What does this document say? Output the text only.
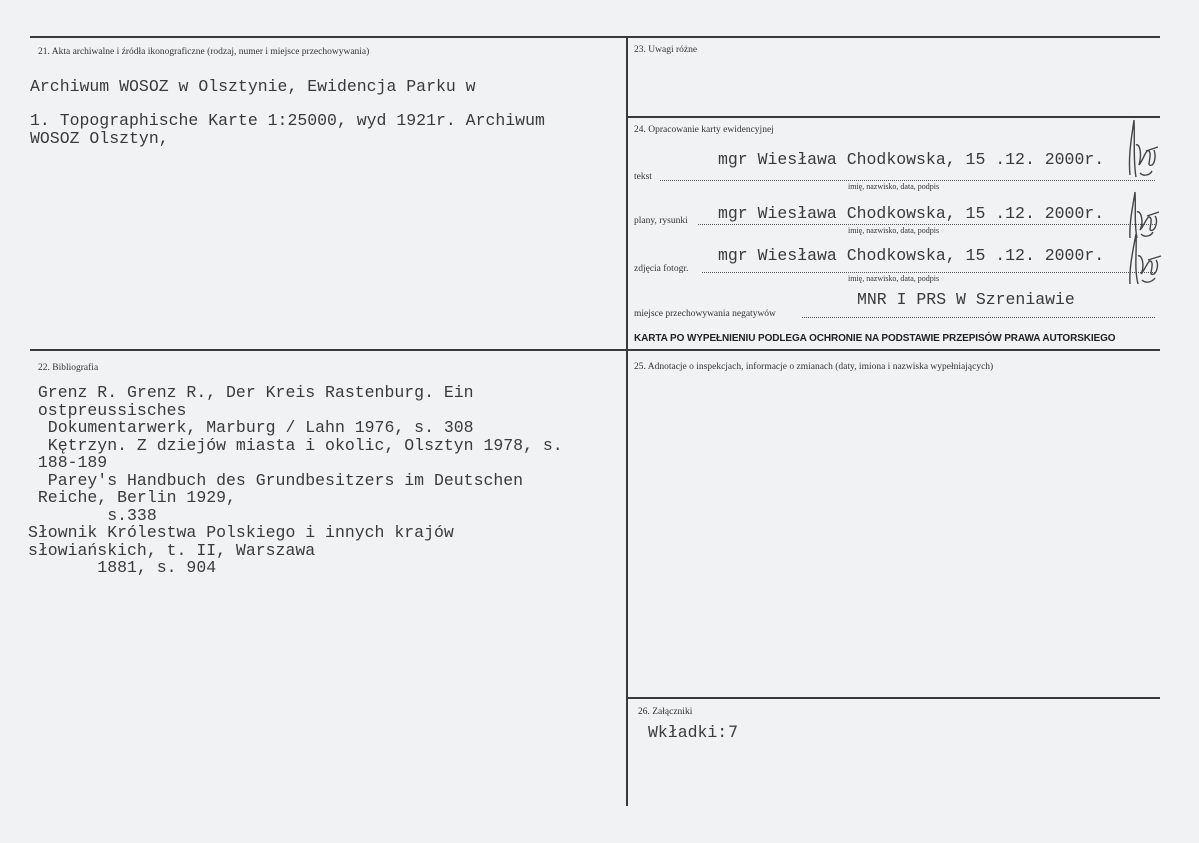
21. Akta archiwalne i źródła ikonograficzne (rodzaj, numer i miejsce przechowywania)
Archiwum WOSOZ w Olsztynie, Ewidencja Parku w
1. Topographische Karte 1:25000, wyd 1921r. Archiwum
WOSOZ Olsztyn,
22. Bibliografia
Grenz R. Grenz R., Der Kreis Rastenburg. Ein
ostpreussisches
Dokumentarwerk, Marburg / Lahn 1976, s. 308
Kętrzyn. Z dziejów miasta i okolic, Olsztyn 1978, s.
188-189
Parey's Handbuch des Grundbesitzers im Deutschen
Reiche, Berlin 1929,
s.338
Słownik Królestwa Polskiego i innych krajów
słowiańskich, t. II, Warszawa
1881, s. 904
23. Uwagi różne
24. Opracowanie karty ewidencyjnej
mgr Wiesława Chodkowska, 15 .12. 2000r.
tekst
imię, nazwisko, data, podpis
mgr Wiesława Chodkowska, 15 .12. 2000r.
plany, rysunki
imię, nazwisko, data, podpis
mgr Wiesława Chodkowska, 15 .12. 2000r.
zdjęcia fotogr.
imię, nazwisko, data, podpis
MNR I PRS W Szreniawie
miejsce przechowywania negatywów
KARTA PO WYPEŁNIENIU PODLEGA OCHRONIE NA PODSTAWIE PRZEPISÓW PRAWA AUTORSKIEGO
25. Adnotacje o inspekcjach, informacje o zmianach (daty, imiona i nazwiska wypełniających)
26. Załączniki
Wkładki: 7
